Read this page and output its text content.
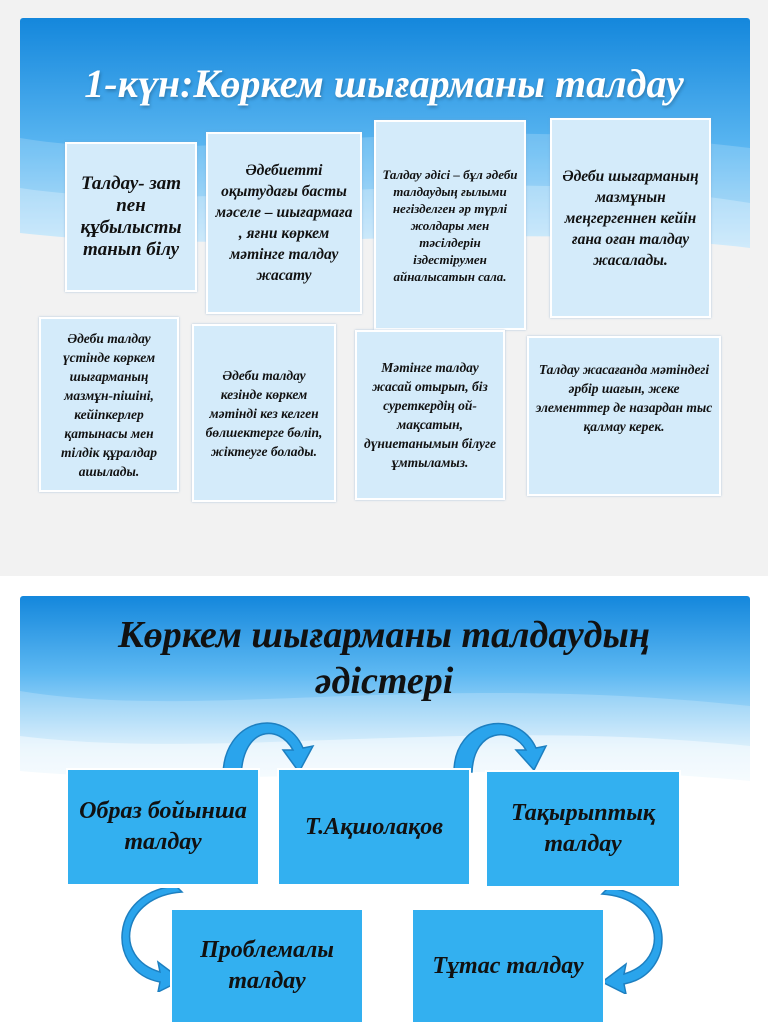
1-күн:Көркем шығарманы талдау
Талдау- зат пен құбылысты танып білу
Әдебиетті оқытудағы басты мәселе – шығармаға , яғни көркем мәтінге талдау жасату
Талдау әдісі – бұл әдеби талдаудың ғылыми негізделген әр түрлі жолдары мен тәсілдерін іздестірумен айналысатын сала.
Әдеби шығарманың мазмұнын меңгергеннен кейін ғана оған талдау жасалады.
Әдеби талдау үстінде көркем шығарманың мазмұн-пішіні, кейіпкерлер қатынасы мен тілдік құралдар ашылады.
Әдеби талдау кезінде көркем мәтінді кез келген бөлшектерге бөліп, жіктеуге болады.
Мәтінге талдау жасай отырып, біз суреткердің ой-мақсатын, дүниетанымын білуге ұмтыламыз.
Талдау жасағанда мәтіндегі әрбір шағын, жеке элементтер де назардан тыс қалмау керек.
Көркем шығарманы талдаудың әдістері
Образ бойынша талдау
Т.Ақшолақов
Тақырыптық талдау
Проблемалы талдау
Тұтас талдау
